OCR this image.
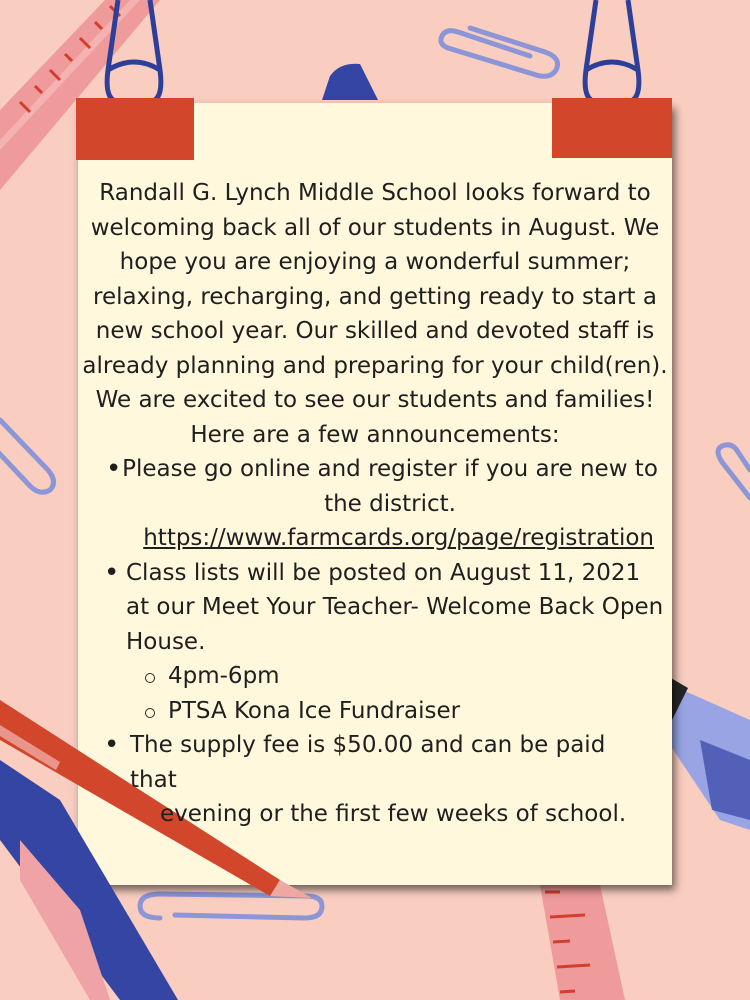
Randall G. Lynch Middle School looks forward to welcoming back all of our students in August. We hope you are enjoying a wonderful summer; relaxing, recharging, and getting ready to start a new school year. Our skilled and devoted staff is already planning and preparing for your child(ren). We are excited to see our students and families!

Here are a few announcements:

• Please go online and register if you are new to the district.
https://www.farmcards.org/page/registration
• Class lists will be posted on August 11, 2021 at our Meet Your Teacher- Welcome Back Open House.
4pm-6pm
PTSA Kona Ice Fundraiser
• The supply fee is $50.00 and can be paid that
evening or the first few weeks of school.
